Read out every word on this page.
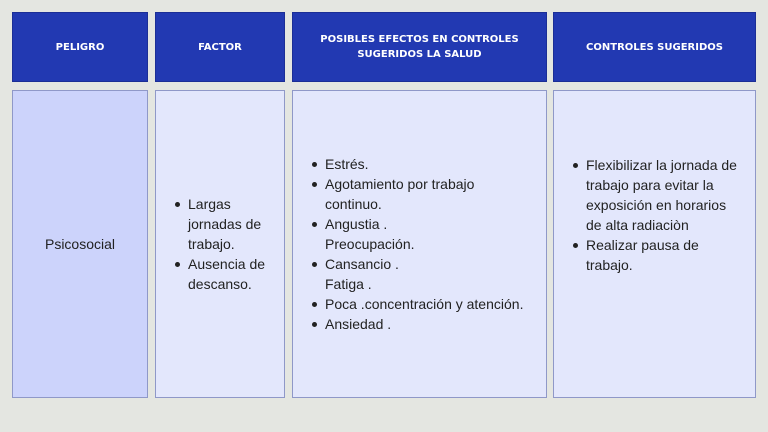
PELIGRO	FACTOR
POSIBLES EFECTOS EN CONTROLES
SUGERIDOS LA SALUD
CONTROLES SUGERIDOS
Psicosocial
Largas
jornadas de
trabajo.
Ausencia de
descanso.
Estrés.
Agotamiento por trabajo
continuo.
Angustia .
Preocupación.
Cansancio .
Fatiga .
Poca .concentración y atención.
Ansiedad .
Flexibilizar la jornada de
trabajo para evitar la
exposición en horarios
de alta radiaciòn
Realizar pausa de
trabajo.
